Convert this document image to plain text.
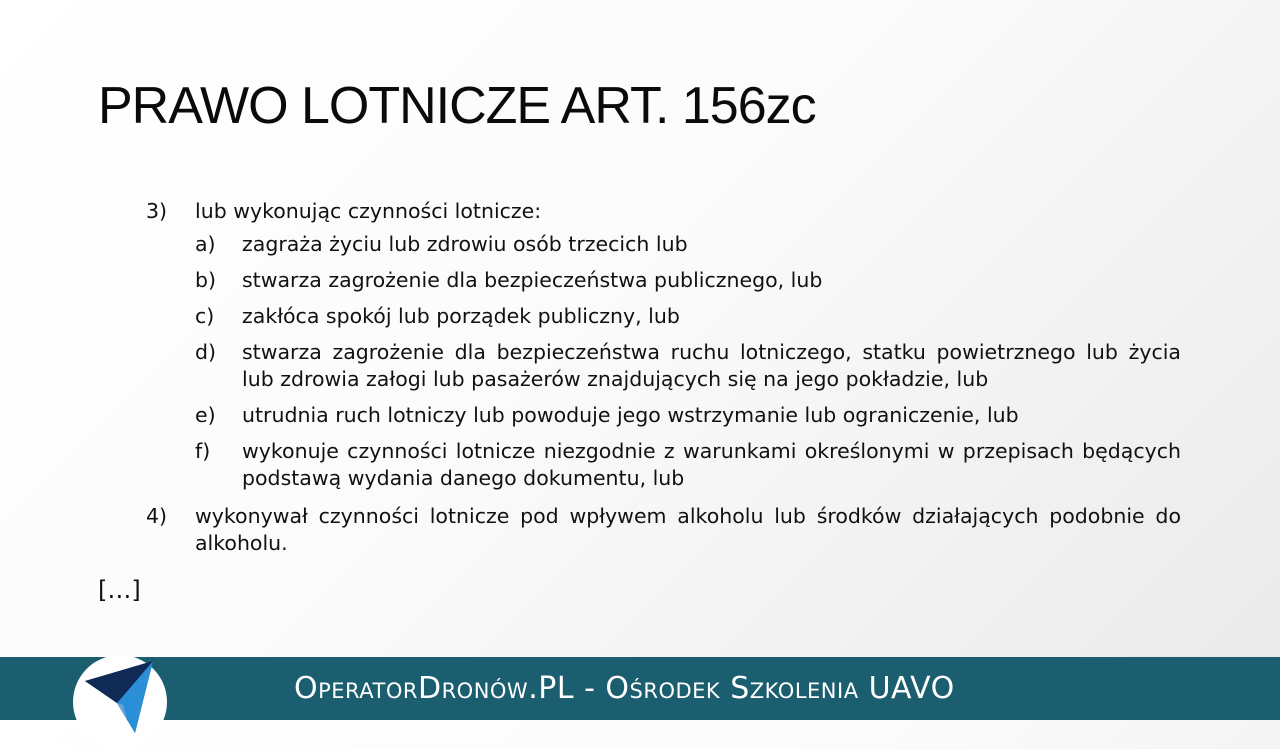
PRAWO LOTNICZE ART. 156zc
3) lub wykonując czynności lotnicze:
a) zagraża życiu lub zdrowiu osób trzecich lub
b) stwarza zagrożenie dla bezpieczeństwa publicznego, lub
c) zakłóca spokój lub porządek publiczny, lub
d) stwarza zagrożenie dla bezpieczeństwa ruchu lotniczego, statku powietrznego lub życia lub zdrowia załogi lub pasażerów znajdujących się na jego pokładzie, lub
e) utrudnia ruch lotniczy lub powoduje jego wstrzymanie lub ograniczenie, lub
f) wykonuje czynności lotnicze niezgodnie z warunkami określonymi w przepisach będących podstawą wydania danego dokumentu, lub
4) wykonywał czynności lotnicze pod wpływem alkoholu lub środków działających podobnie do alkoholu.
[…]
OperatorDronów.PL - Ośrodek Szkolenia UAVO
